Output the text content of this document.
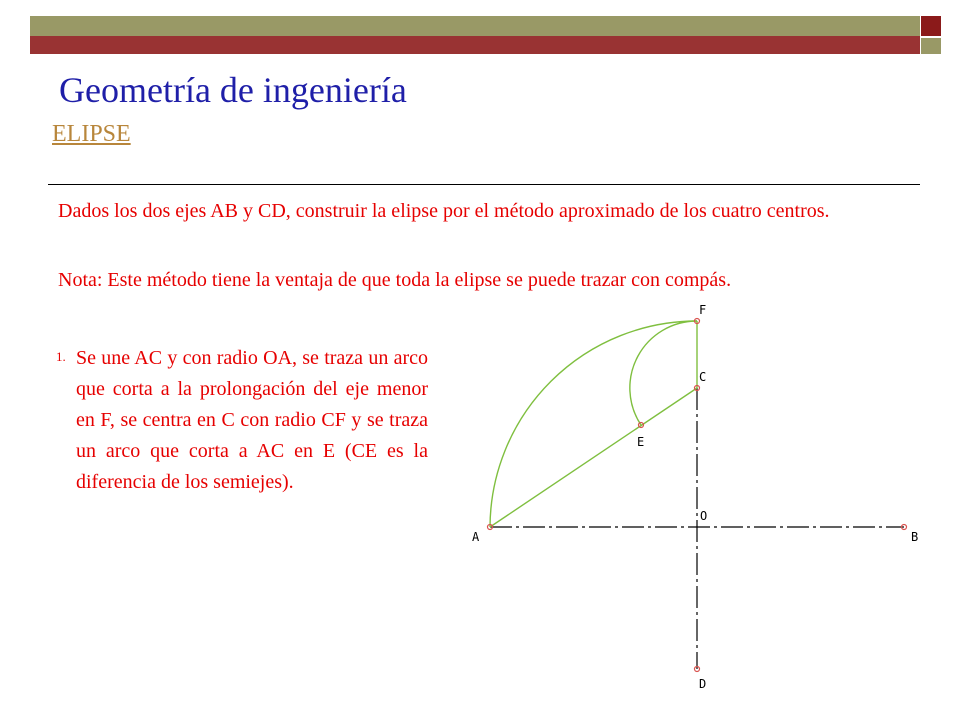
Geometría de ingeniería
ELIPSE
Dados los dos ejes AB y CD, construir la elipse por el método aproximado de los cuatro centros.
Nota: Este método tiene la ventaja de que toda la elipse se puede trazar con compás.
1. Se une AC y con radio OA, se traza un arco que corta a la prolongación del eje menor en F, se centra en C con radio CF y se traza un arco que corta a AC en E (CE es la diferencia de los semiejes).
F
C
E
O
A	B
D
